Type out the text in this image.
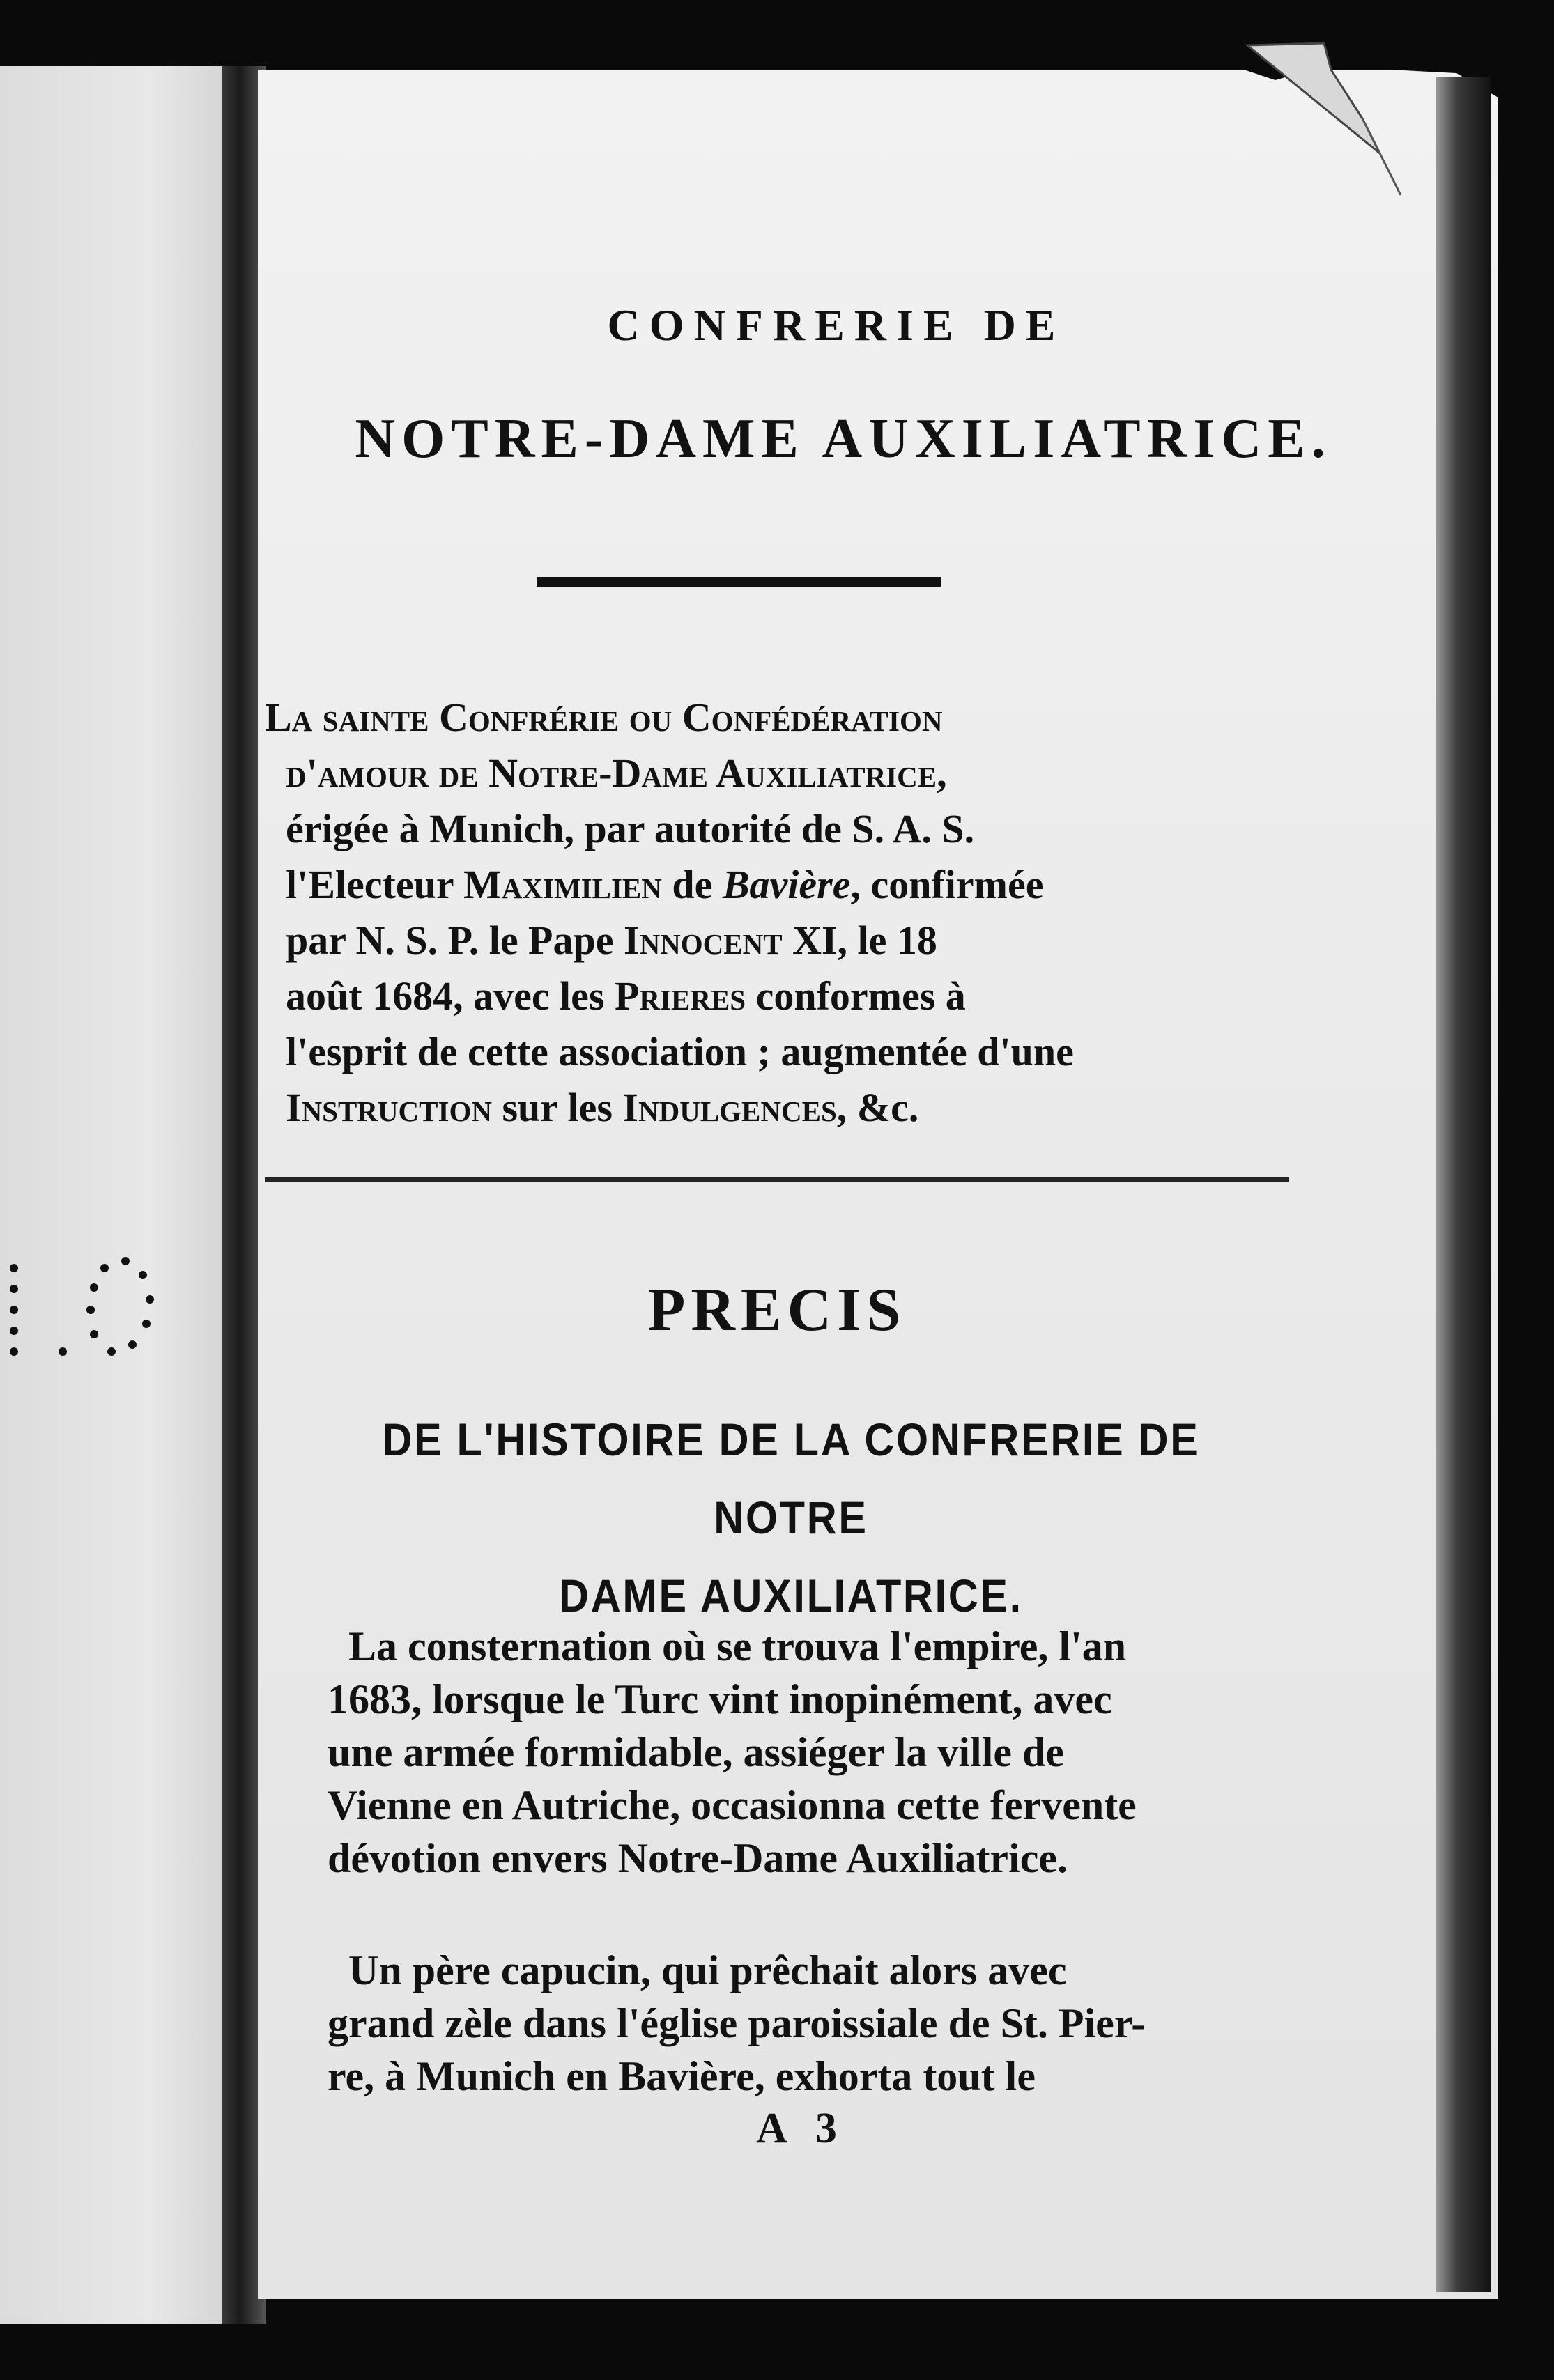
CONFRERIE DE
NOTRE-DAME AUXILIATRICE.
La sainte Confrérie ou Confédération
d'amour de Notre-Dame Auxiliatrice,
érigée à Munich, par autorité de S. A. S.
l'Electeur Maximilien de Bavière, confirmée
par N. S. P. le Pape Innocent XI, le 18
août 1684, avec les Prieres conformes à
l'esprit de cette association ; augmentée d'une
Instruction sur les Indulgences, &c.
PRECIS
DE L'HISTOIRE DE LA CONFRERIE DE NOTRE
DAME AUXILIATRICE.
La consternation où se trouva l'empire, l'an
1683, lorsque le Turc vint inopinément, avec
une armée formidable, assiéger la ville de
Vienne en Autriche, occasionna cette fervente
dévotion envers Notre-Dame Auxiliatrice.
Un père capucin, qui prêchait alors avec
grand zèle dans l'église paroissiale de St. Pier-
re, à Munich en Bavière, exhorta tout le
A 3
